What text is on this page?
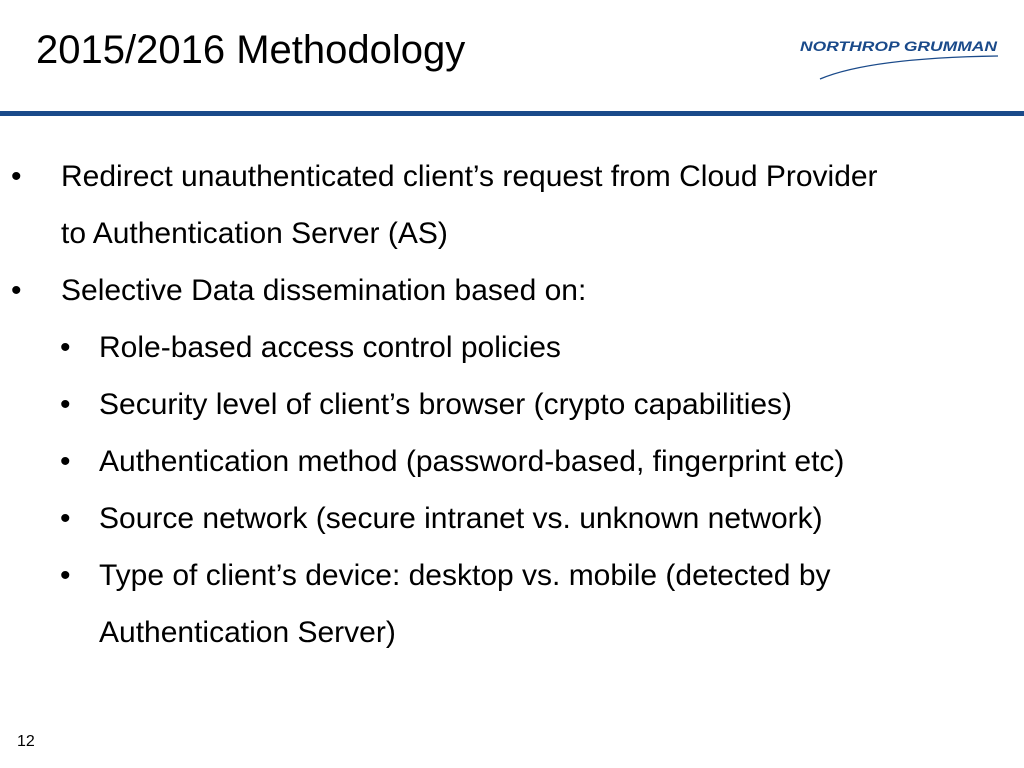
2015/2016 Methodology	NORTHROP GRUMMAN
• Redirect unauthenticated client’s request from Cloud Provider
to Authentication Server (AS)
• Selective Data dissemination based on:
• Role-based access control policies
• Security level of client’s browser (crypto capabilities)
• Authentication method (password-based, fingerprint etc)
• Source network (secure intranet vs. unknown network)
• Type of client’s device: desktop vs. mobile (detected by
Authentication Server)
12
